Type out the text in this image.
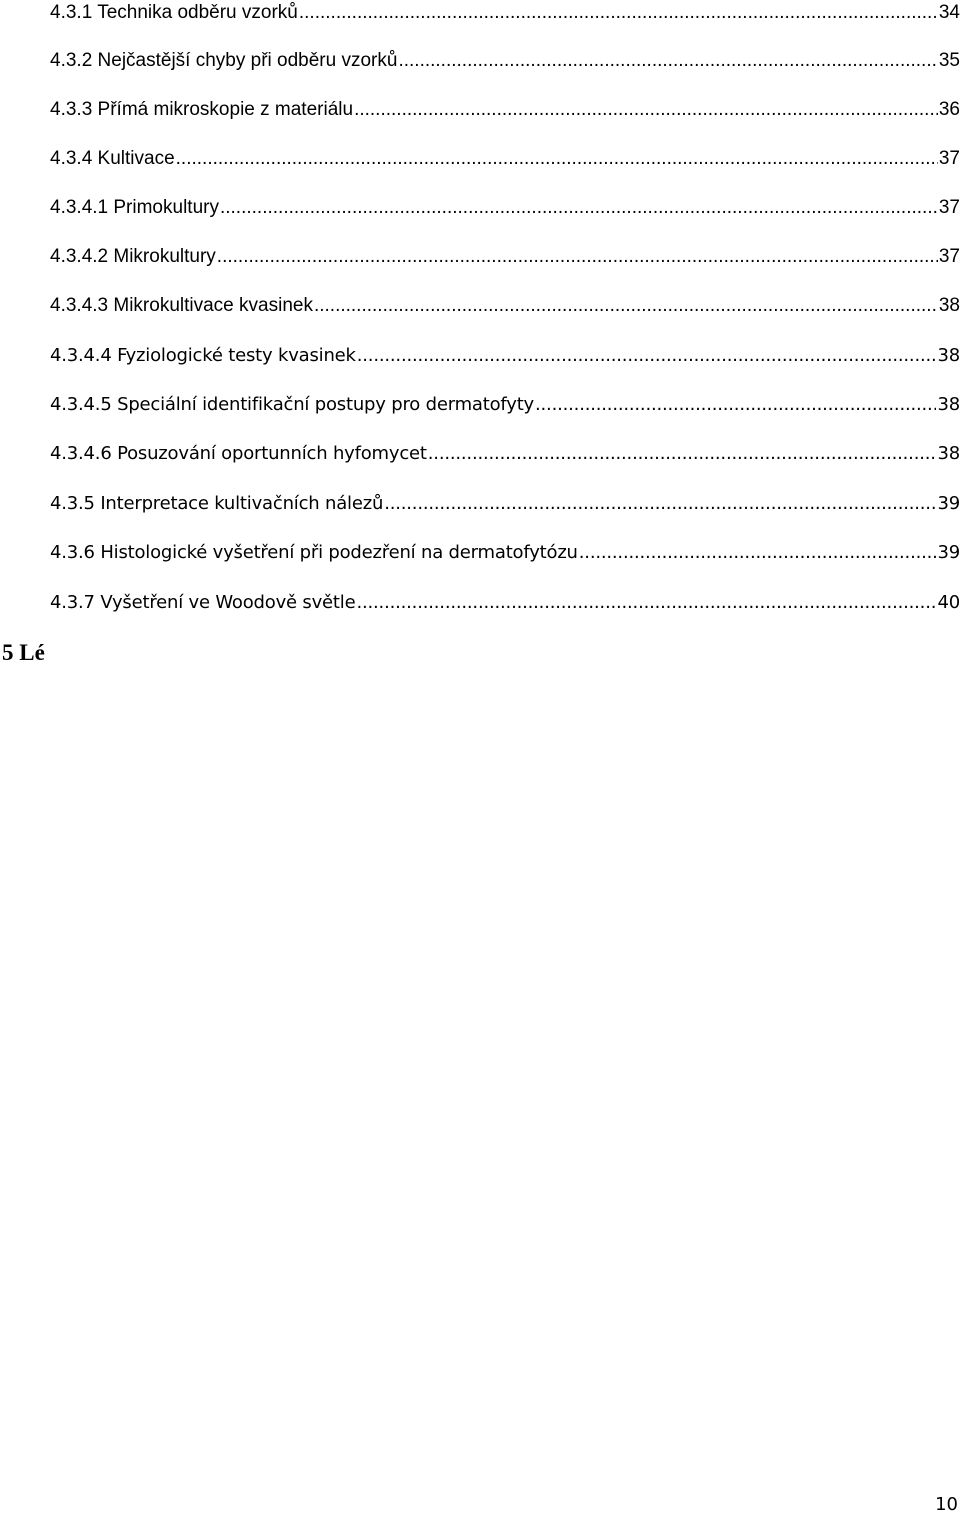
4.3.1 Technika odběru vzorků .....	34
4.3.2 Nejčastější chyby při odběru vzorků .....	35
4.3.3 Přímá mikroskopie z materiálu .....	36
4.3.4 Kultivace .....	37
4.3.4.1 Primokultury .....	37
4.3.4.2 Mikrokultury .....	37
4.3.4.3 Mikrokultivace kvasinek .....	38
4.3.4.4 Fyziologické testy kvasinek .....	38
4.3.4.5 Speciální identifikační postupy pro dermatofyty .....	38
4.3.4.6 Posuzování oportunních hyfomycet .....	38
4.3.5 Interpretace kultivačních nálezů .....	39
4.3.6 Histologické vyšetření při podezření na dermatofytózu .....	39
4.3.7 Vyšetření ve Woodově světle .....	40
5 Lé
10
